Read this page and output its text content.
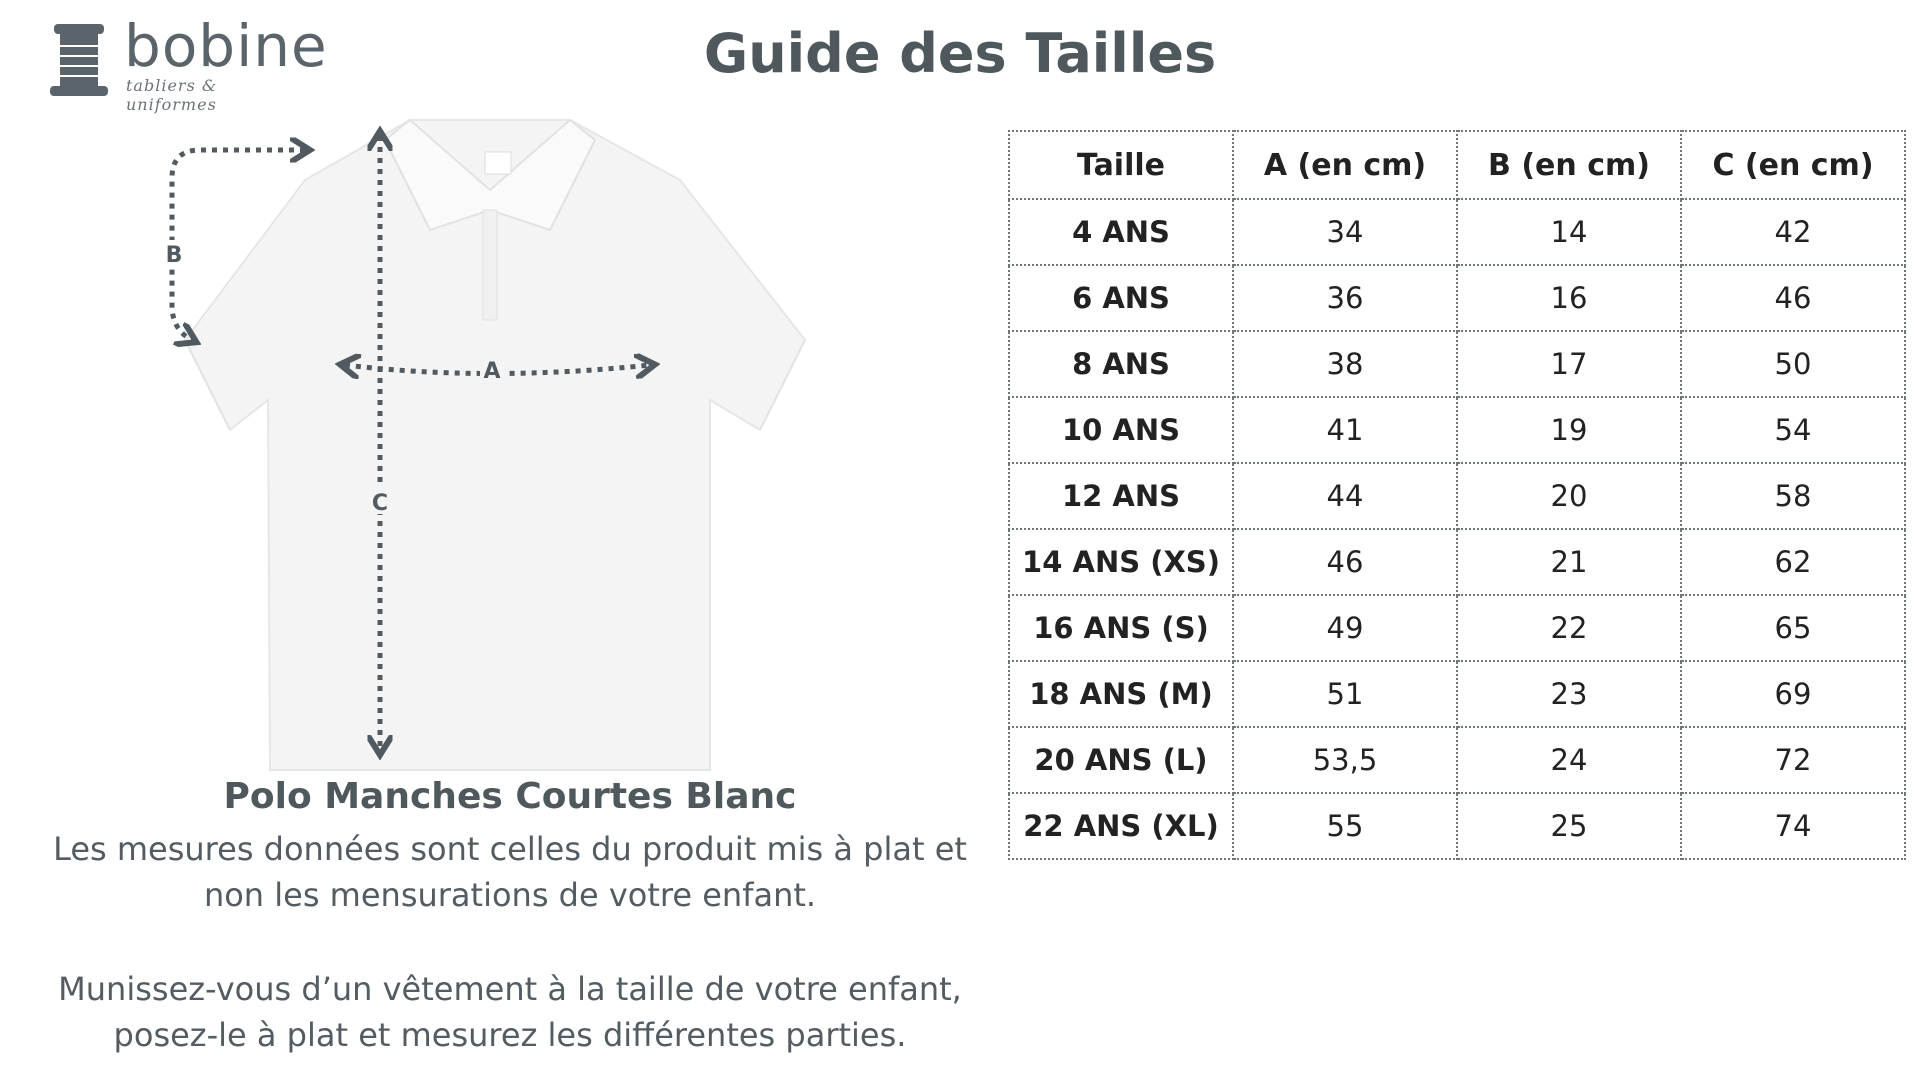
bobine
tabliers & uniformes
Guide des Tailles
A
B
C
Polo Manches Courtes Blanc
Les mesures données sont celles du produit mis à plat et
non les mensurations de votre enfant.
Munissez-vous d’un vêtement à la taille de votre enfant,
posez-le à plat et mesurez les différentes parties.
Taille	A (en cm)	B (en cm)	C (en cm)
4 ANS	34	14	42
6 ANS	36	16	46
8 ANS	38	17	50
10 ANS	41	19	54
12 ANS	44	20	58
14 ANS (XS)	46	21	62
16 ANS (S)	49	22	65
18 ANS (M)	51	23	69
20 ANS (L)	53,5	24	72
22 ANS (XL)	55	25	74
